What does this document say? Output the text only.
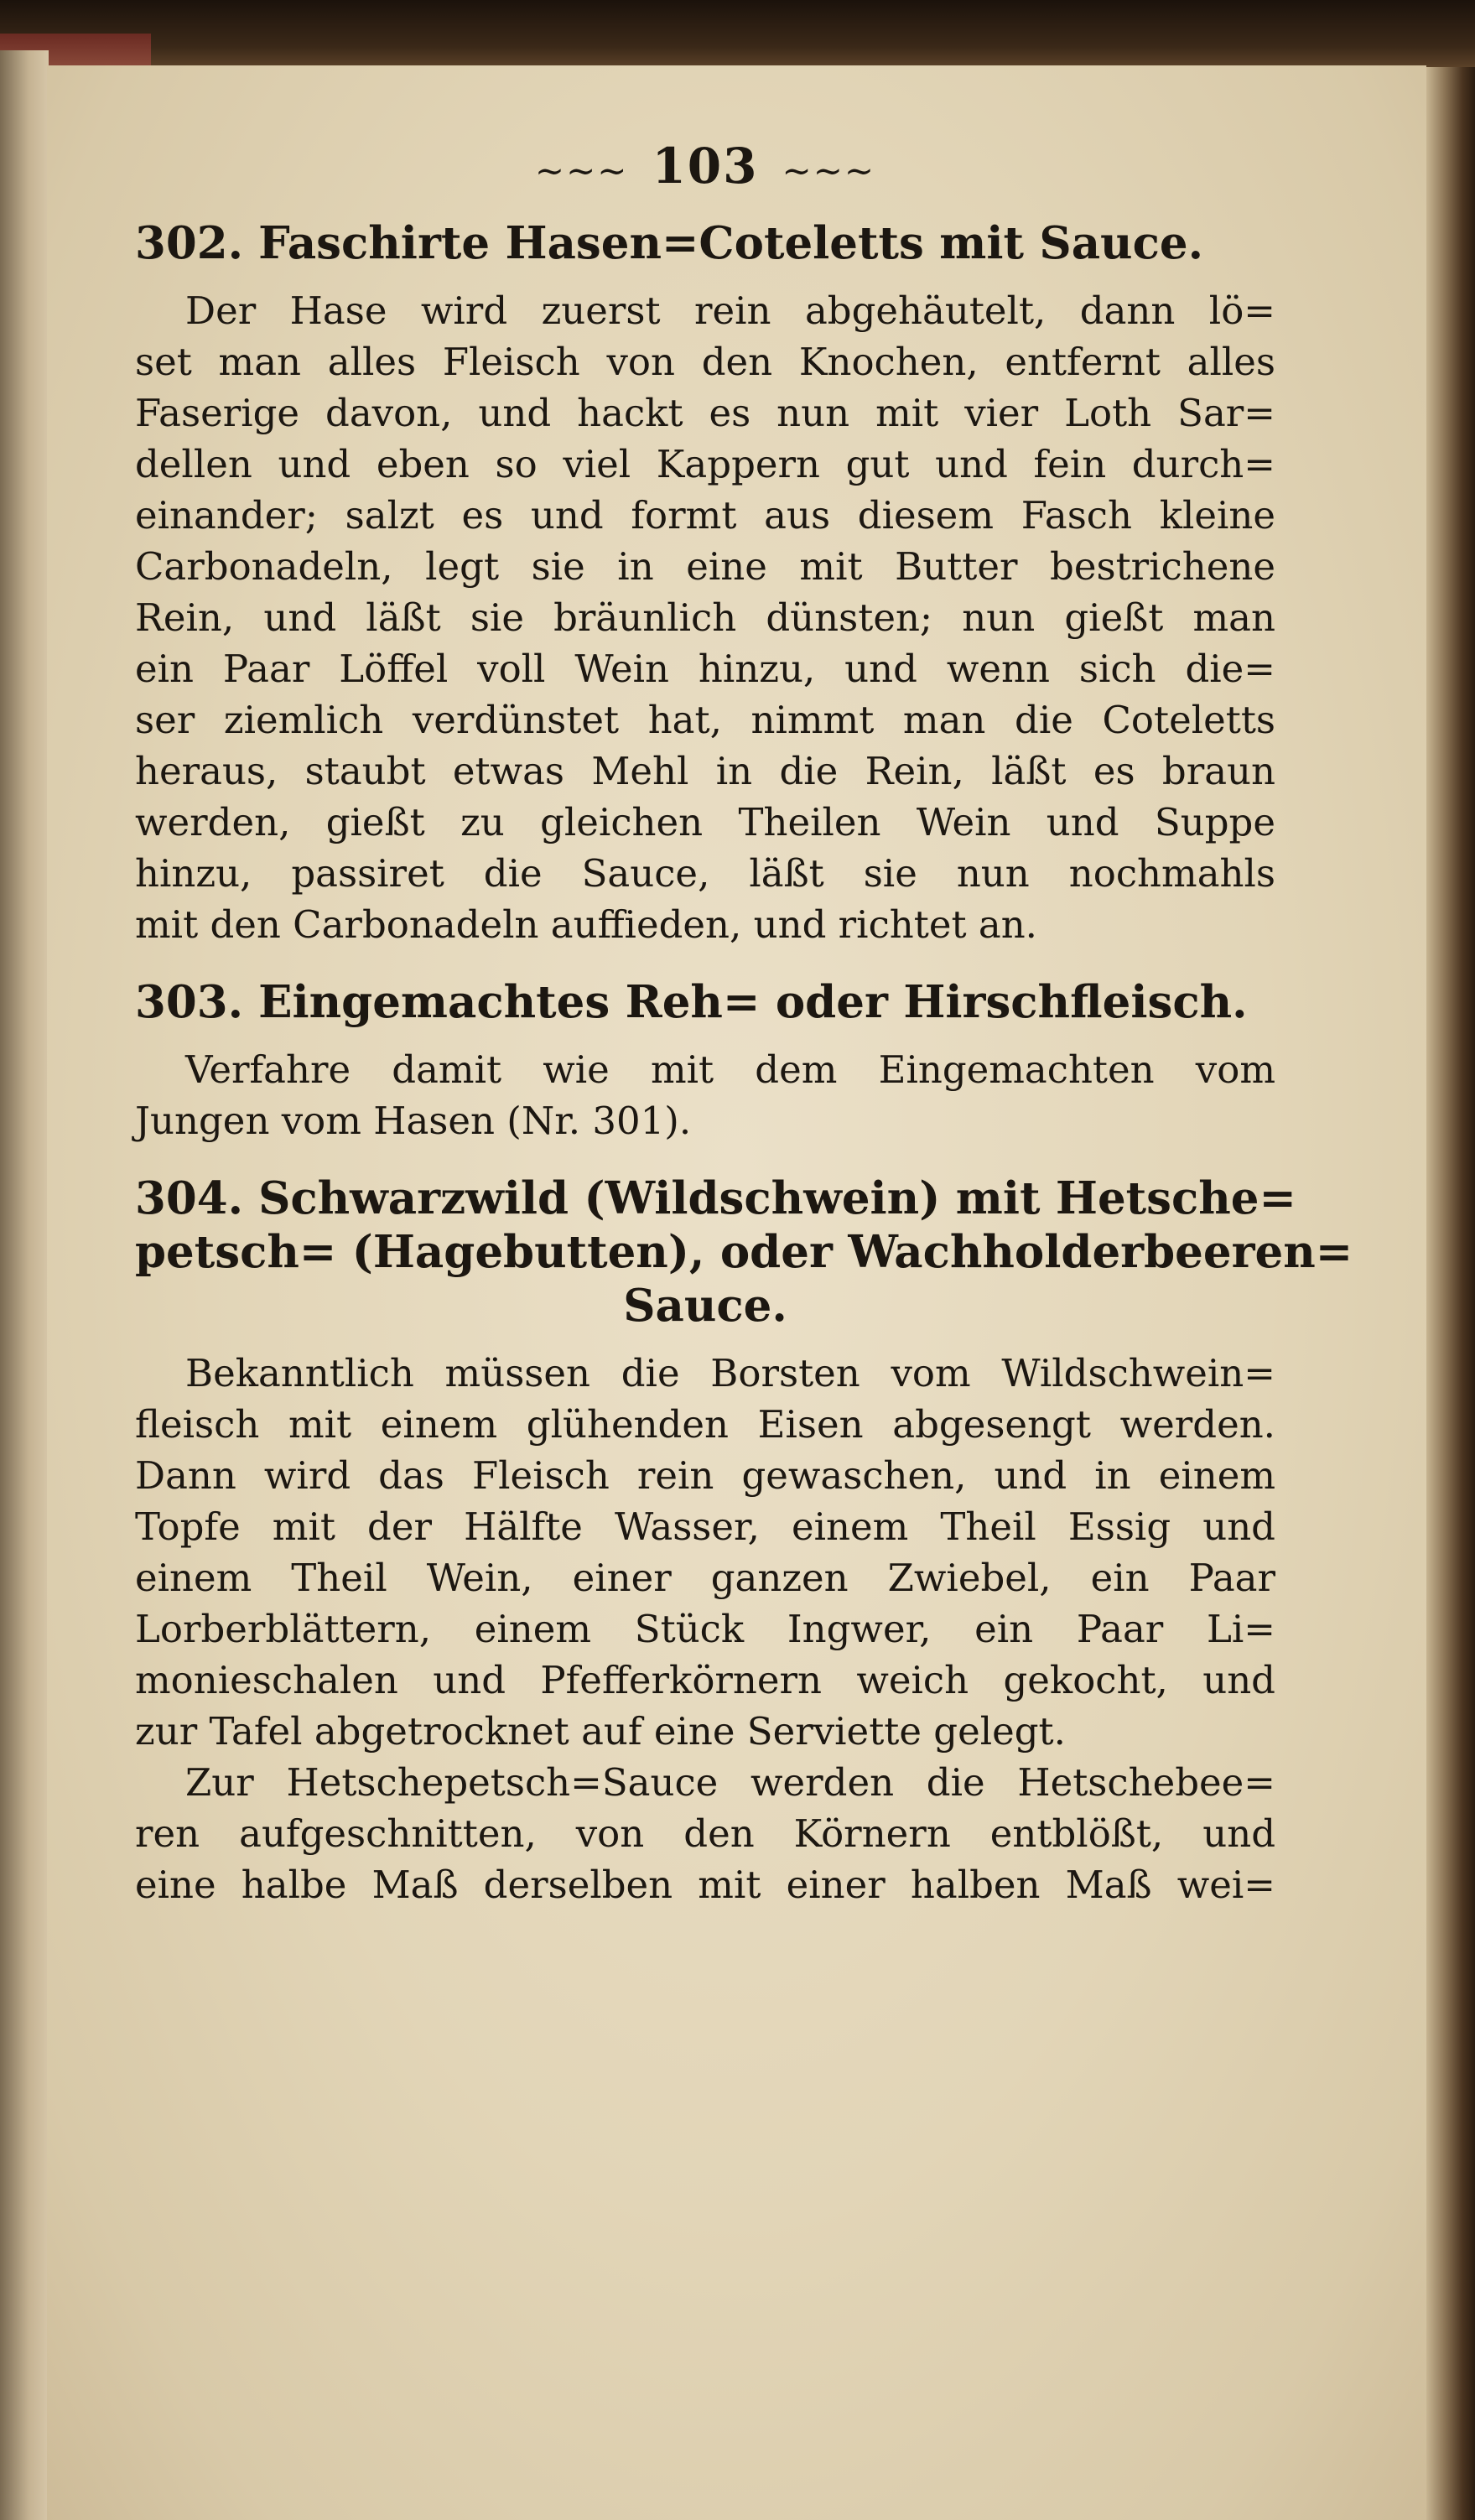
~~~ 103 ~~~
302. Faschirte Hasen=Coteletts mit Sauce.
Der Hase wird zuerst rein abgehäutelt, dann lö=
set man alles Fleisch von den Knochen, entfernt alles
Faserige davon, und hackt es nun mit vier Loth Sar=
dellen und eben so viel Kappern gut und fein durch=
einander; salzt es und formt aus diesem Fasch kleine
Carbonadeln, legt sie in eine mit Butter bestrichene
Rein, und läßt sie bräunlich dünsten; nun gießt man
ein Paar Löffel voll Wein hinzu, und wenn sich die=
ser ziemlich verdünstet hat, nimmt man die Coteletts
heraus, staubt etwas Mehl in die Rein, läßt es braun
werden, gießt zu gleichen Theilen Wein und Suppe
hinzu, passiret die Sauce, läßt sie nun nochmahls
mit den Carbonadeln auffieden, und richtet an.
303. Eingemachtes Reh= oder Hirschfleisch.
Verfahre damit wie mit dem Eingemachten vom
Jungen vom Hasen (Nr. 301).
304. Schwarzwild (Wildschwein) mit Hetsche=
petsch= (Hagebutten), oder Wachholderbeeren=
Sauce.
Bekanntlich müssen die Borsten vom Wildschwein=
fleisch mit einem glühenden Eisen abgesengt werden.
Dann wird das Fleisch rein gewaschen, und in einem
Topfe mit der Hälfte Wasser, einem Theil Essig und
einem Theil Wein, einer ganzen Zwiebel, ein Paar
Lorberblättern, einem Stück Ingwer, ein Paar Li=
monieschalen und Pfefferkörnern weich gekocht, und
zur Tafel abgetrocknet auf eine Serviette gelegt.
Zur Hetschepetsch=Sauce werden die Hetschebee=
ren aufgeschnitten, von den Körnern entblößt, und
eine halbe Maß derselben mit einer halben Maß wei=
